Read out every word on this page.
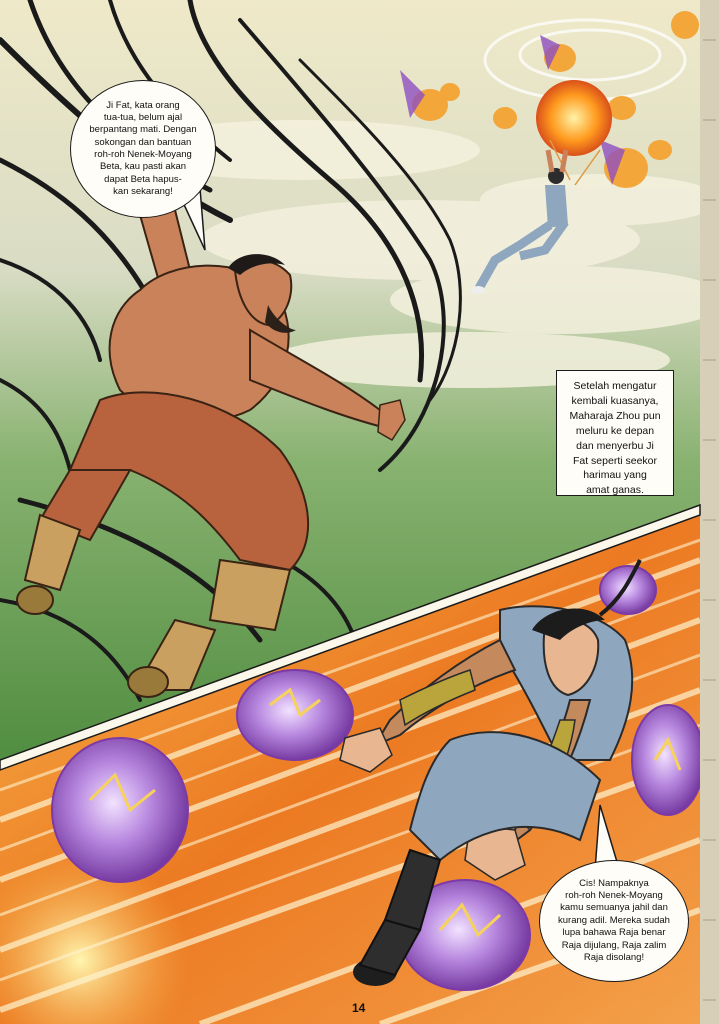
Ji Fat, kata orang
tua-tua, belum ajal
berpantang mati. Dengan
sokongan dan bantuan
roh-roh Nenek-Moyang
Beta, kau pasti akan
dapat Beta hapus-
kan sekarang!
Setelah mengatur
kembali kuasanya,
Maharaja Zhou pun
meluru ke depan
dan menyerbu Ji
Fat seperti seekor
harimau yang
amat ganas.
Cis! Nampaknya
roh-roh Nenek-Moyang
kamu semuanya jahil dan
kurang adil. Mereka sudah
lupa bahawa Raja benar
Raja dijulang, Raja zalim
Raja disolang!
14
